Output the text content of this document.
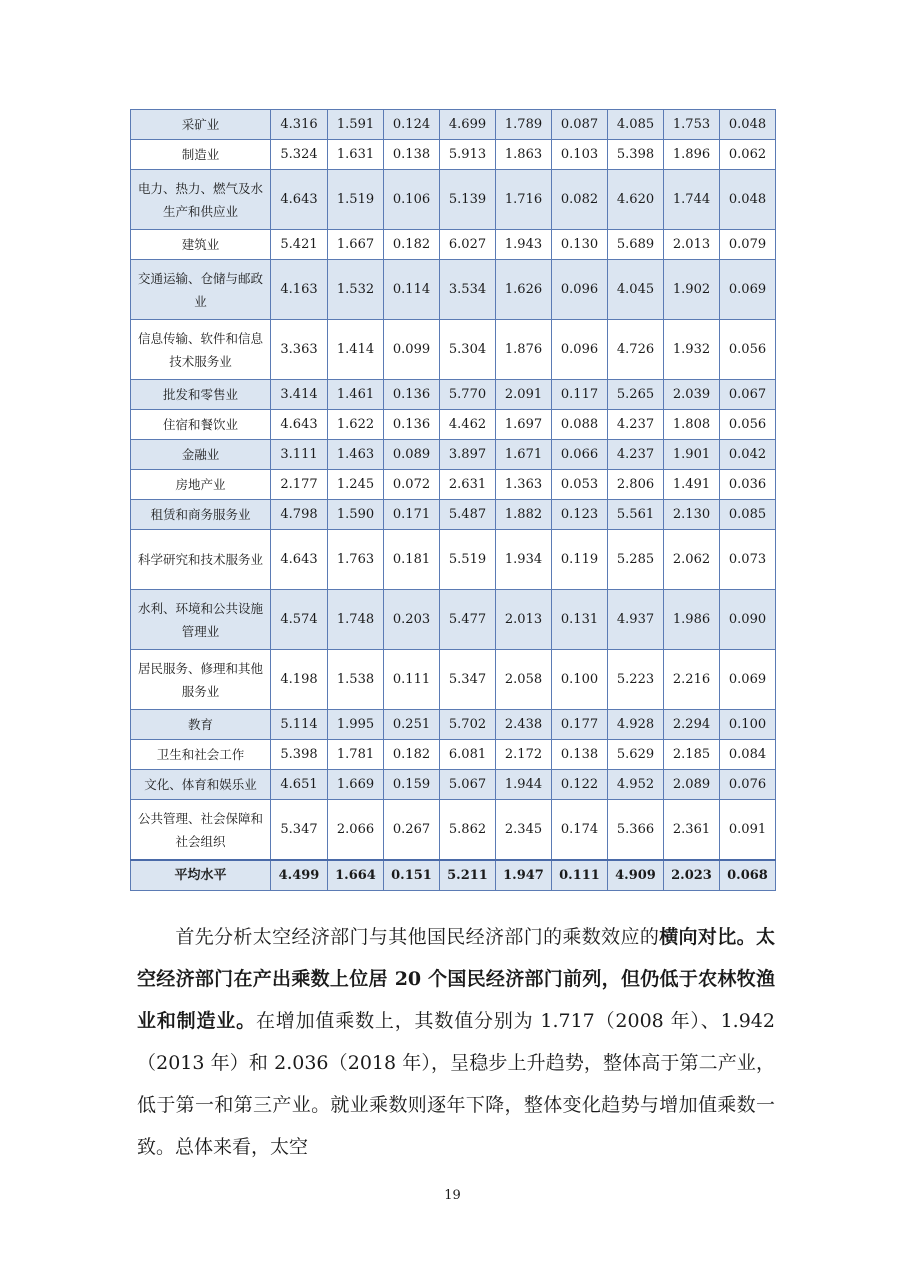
采矿业	4.316	1.591	0.124	4.699	1.789	0.087	4.085	1.753	0.048
制造业	5.324	1.631	0.138	5.913	1.863	0.103	5.398	1.896	0.062
电力、热力、燃气及水生产和供应业	4.643	1.519	0.106	5.139	1.716	0.082	4.620	1.744	0.048
建筑业	5.421	1.667	0.182	6.027	1.943	0.130	5.689	2.013	0.079
交通运输、仓储与邮政业	4.163	1.532	0.114	3.534	1.626	0.096	4.045	1.902	0.069
信息传输、软件和信息技术服务业	3.363	1.414	0.099	5.304	1.876	0.096	4.726	1.932	0.056
批发和零售业	3.414	1.461	0.136	5.770	2.091	0.117	5.265	2.039	0.067
住宿和餐饮业	4.643	1.622	0.136	4.462	1.697	0.088	4.237	1.808	0.056
金融业	3.111	1.463	0.089	3.897	1.671	0.066	4.237	1.901	0.042
房地产业	2.177	1.245	0.072	2.631	1.363	0.053	2.806	1.491	0.036
租赁和商务服务业	4.798	1.590	0.171	5.487	1.882	0.123	5.561	2.130	0.085
科学研究和技术服务业	4.643	1.763	0.181	5.519	1.934	0.119	5.285	2.062	0.073
水利、环境和公共设施管理业	4.574	1.748	0.203	5.477	2.013	0.131	4.937	1.986	0.090
居民服务、修理和其他服务业	4.198	1.538	0.111	5.347	2.058	0.100	5.223	2.216	0.069
教育	5.114	1.995	0.251	5.702	2.438	0.177	4.928	2.294	0.100
卫生和社会工作	5.398	1.781	0.182	6.081	2.172	0.138	5.629	2.185	0.084
文化、体育和娱乐业	4.651	1.669	0.159	5.067	1.944	0.122	4.952	2.089	0.076
公共管理、社会保障和社会组织	5.347	2.066	0.267	5.862	2.345	0.174	5.366	2.361	0.091
平均水平	4.499	1.664	0.151	5.211	1.947	0.111	4.909	2.023	0.068
首先分析太空经济部门与其他国民经济部门的乘数效应的横向对比。太空经济部门在产出乘数上位居 20 个国民经济部门前列，但仍低于农林牧渔业和制造业。在增加值乘数上，其数值分别为 1.717（2008 年）、1.942（2013 年）和 2.036（2018 年），呈稳步上升趋势，整体高于第二产业，低于第一和第三产业。就业乘数则逐年下降，整体变化趋势与增加值乘数一致。总体来看，太空
19
